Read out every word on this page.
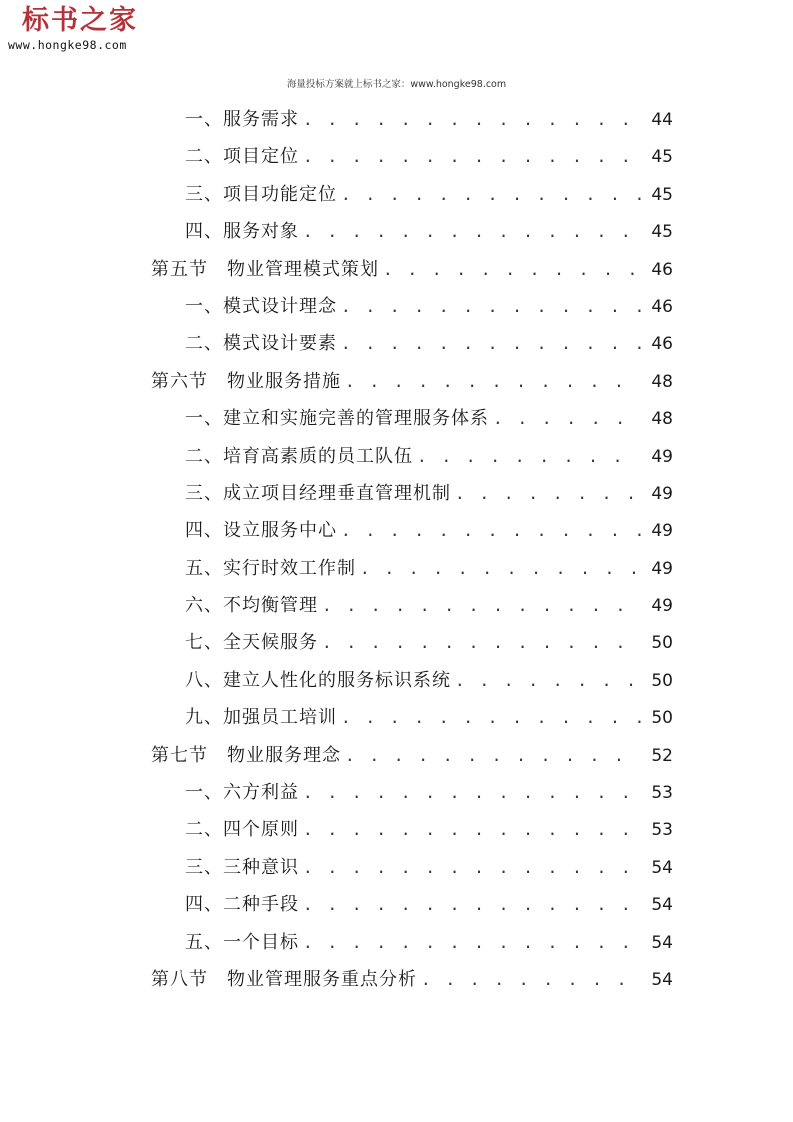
标书之家
www.hongke98.com
海量投标方案就上标书之家：www.hongke98.com
一、服务需求 . . .	44
二、项目定位 . . .	45
三、项目功能定位 . . .	45
四、服务对象 . . .	45
第五节　物业管理模式策划 . . .	46
一、模式设计理念 . . .	46
二、模式设计要素 . . .	46
第六节　物业服务措施 . . .	48
一、建立和实施完善的管理服务体系 . . .	48
二、培育高素质的员工队伍 . . .	49
三、成立项目经理垂直管理机制 . . .	49
四、设立服务中心 . . .	49
五、实行时效工作制 . . .	49
六、不均衡管理 . . .	49
七、全天候服务 . . .	50
八、建立人性化的服务标识系统 . . .	50
九、加强员工培训 . . .	50
第七节　物业服务理念 . . .	52
一、六方利益 . . .	53
二、四个原则 . . .	53
三、三种意识 . . .	54
四、二种手段 . . .	54
五、一个目标 . . .	54
第八节　物业管理服务重点分析 . . .	54
